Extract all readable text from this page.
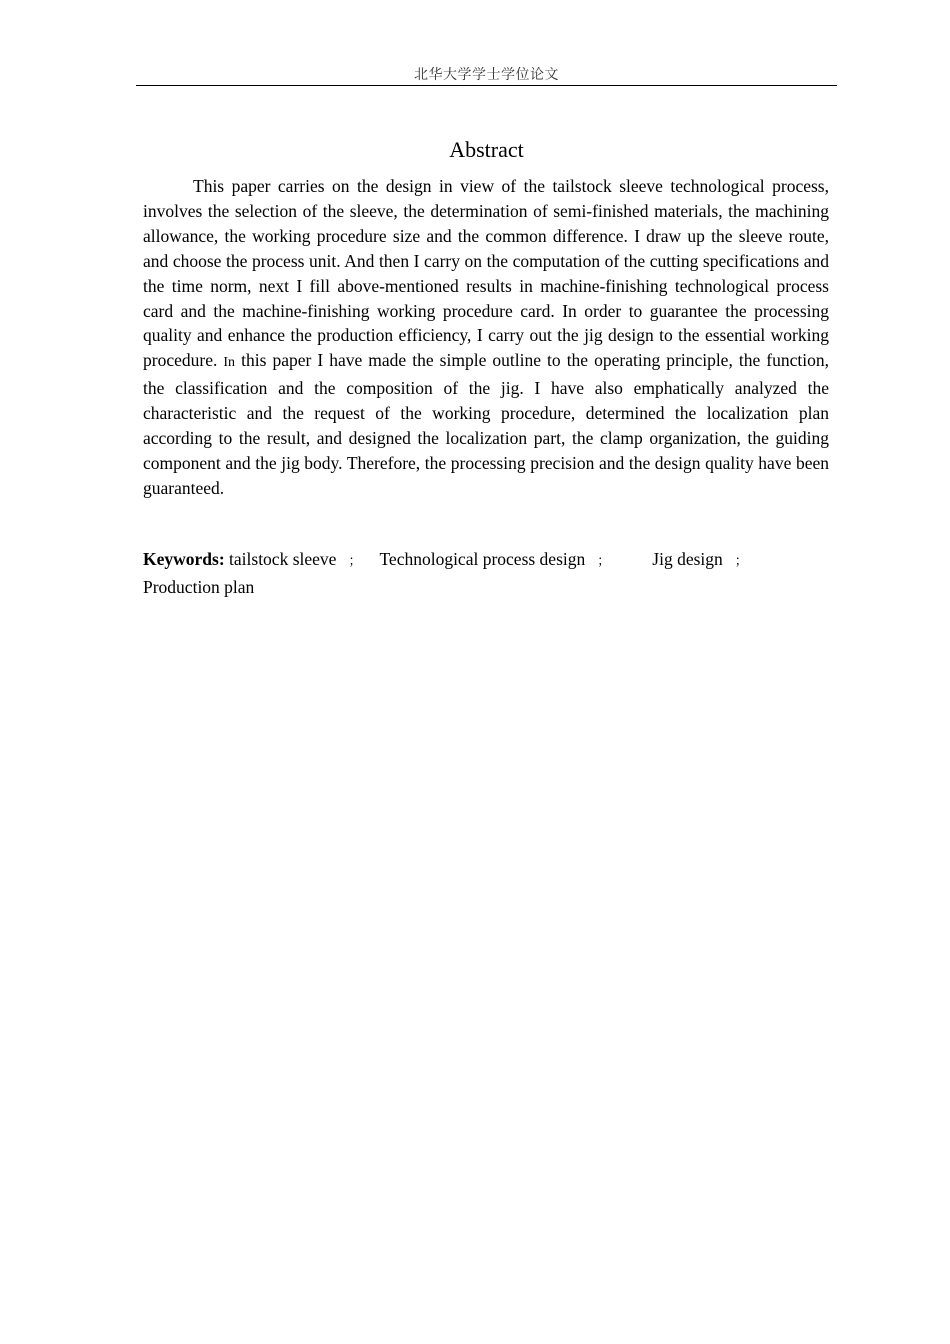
北华大学学士学位论文
Abstract

This paper carries on the design in view of the tailstock sleeve technological process, involves the selection of the sleeve, the determination of semi-finished materials, the machining allowance, the working procedure size and the common difference. I draw up the sleeve route, and choose the process unit. And then I carry on the computation of the cutting specifications and the time norm, next I fill above-mentioned results in machine-finishing technological process card and the machine-finishing working procedure card. In order to guarantee the processing quality and enhance the production efficiency, I carry out the jig design to the essential working procedure. In this paper I have made the simple outline to the operating principle, the function, the classification and the composition of the jig. I have also emphatically analyzed the characteristic and the request of the working procedure, determined the localization plan according to the result, and designed the localization part, the clamp organization, the guiding component and the jig body. Therefore, the processing precision and the design quality have been guaranteed.

Keywords: tailstock sleeve ； Technological process design ； Jig design ；
Production plan
